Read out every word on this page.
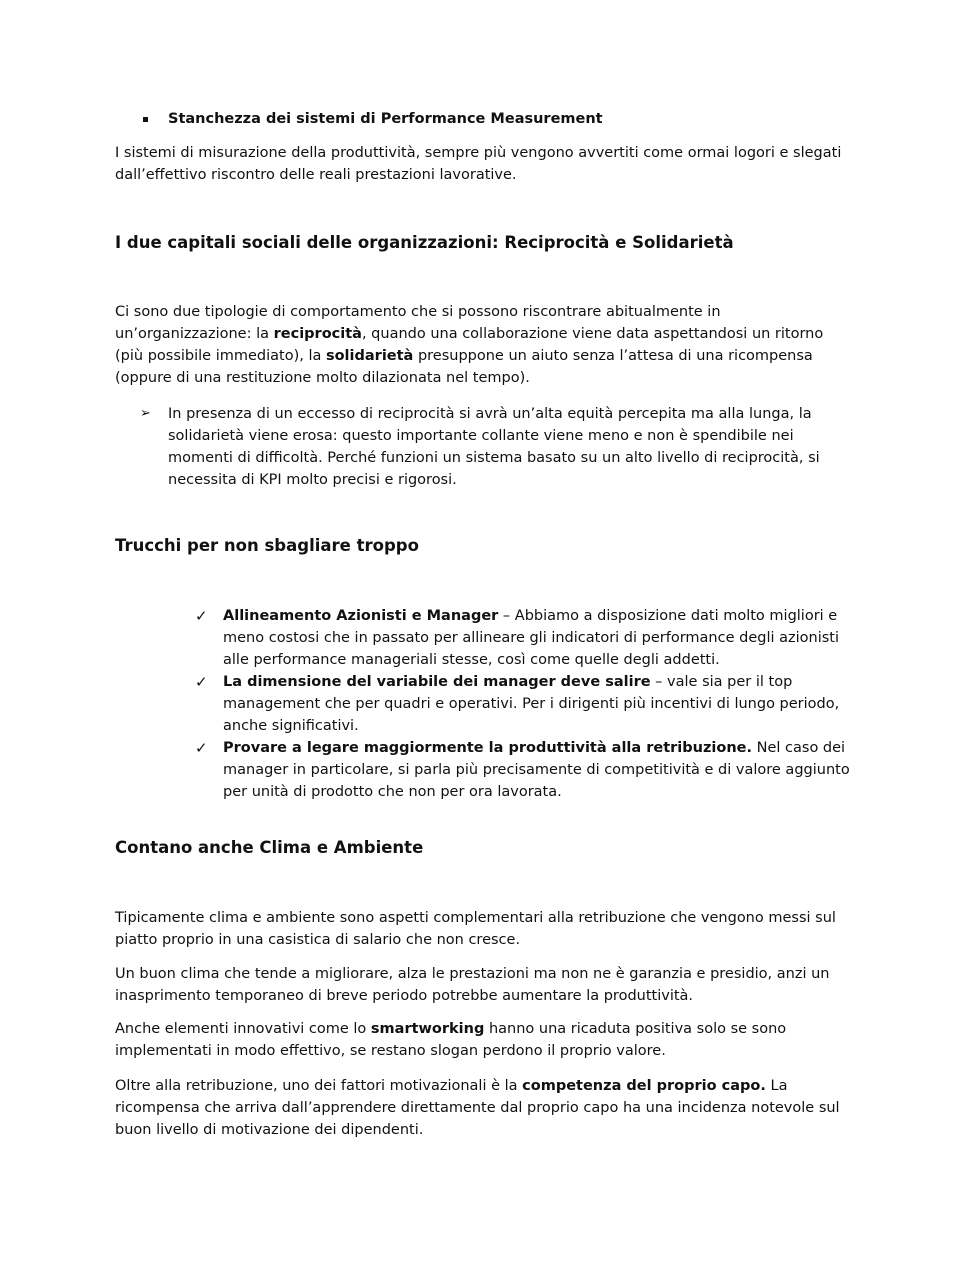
Stanchezza dei sistemi di Performance Measurement

I sistemi di misurazione della produttività, sempre più vengono avvertiti come ormai logori e slegati dall’effettivo riscontro delle reali prestazioni lavorative.

I due capitali sociali delle organizzazioni: Reciprocità e Solidarietà

Ci sono due tipologie di comportamento che si possono riscontrare abitualmente in un’organizzazione: la reciprocità, quando una collaborazione viene data aspettandosi un ritorno (più possibile immediato), la solidarietà presuppone un aiuto senza l’attesa di una ricompensa (oppure di una restituzione molto dilazionata nel tempo).

➢ In presenza di un eccesso di reciprocità si avrà un’alta equità percepita ma alla lunga, la solidarietà viene erosa: questo importante collante viene meno e non è spendibile nei momenti di difficoltà. Perché funzioni un sistema basato su un alto livello di reciprocità, si necessita di KPI molto precisi e rigorosi.

Trucchi per non sbagliare troppo
✓ Allineamento Azionisti e Manager – Abbiamo a disposizione dati molto migliori e meno costosi che in passato per allineare gli indicatori di performance degli azionisti alle performance manageriali stesse, così come quelle degli addetti.
✓ La dimensione del variabile dei manager deve salire – vale sia per il top management che per quadri e operativi. Per i dirigenti più incentivi di lungo periodo, anche significativi.
✓ Provare a legare maggiormente la produttività alla retribuzione. Nel caso dei manager in particolare, si parla più precisamente di competitività e di valore aggiunto per unità di prodotto che non per ora lavorata.
Contano anche Clima e Ambiente

Tipicamente clima e ambiente sono aspetti complementari alla retribuzione che vengono messi sul piatto proprio in una casistica di salario che non cresce.

Un buon clima che tende a migliorare, alza le prestazioni ma non ne è garanzia e presidio, anzi un inasprimento temporaneo di breve periodo potrebbe aumentare la produttività.

Anche elementi innovativi come lo smartworking hanno una ricaduta positiva solo se sono implementati in modo effettivo, se restano slogan perdono il proprio valore.

Oltre alla retribuzione, uno dei fattori motivazionali è la competenza del proprio capo. La ricompensa che arriva dall’apprendere direttamente dal proprio capo ha una incidenza notevole sul buon livello di motivazione dei dipendenti.
